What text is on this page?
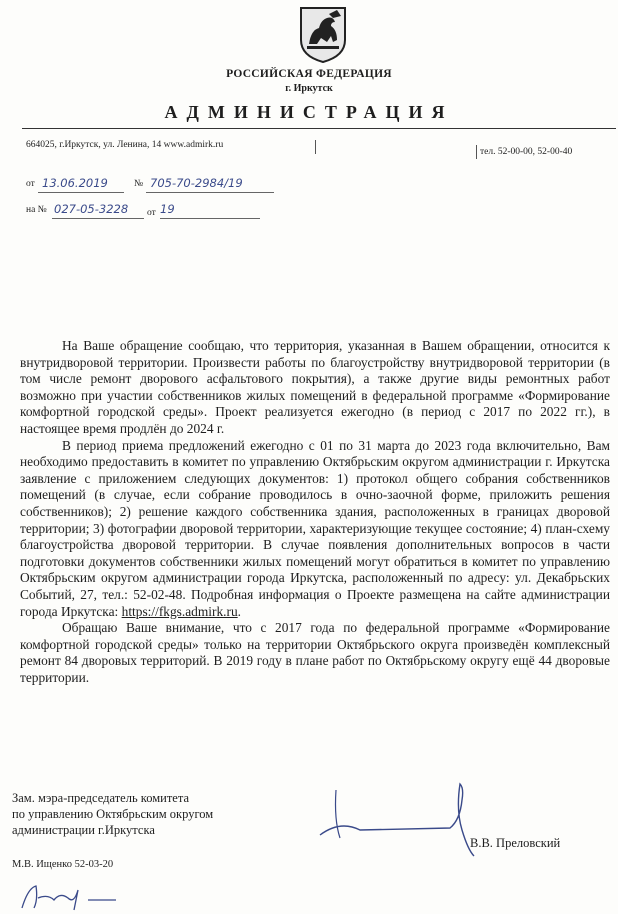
РОССИЙСКАЯ ФЕДЕРАЦИЯ
г. Иркутск
АДМИНИСТРАЦИЯ
664025, г.Иркутск, ул. Ленина, 14 www.admirk.ru
тел. 52-00-00, 52-00-40
от 13.06.2019	№ 705-70-2984/19
на № 027-05-3228 от 19

На Ваше обращение сообщаю, что территория, указанная в Вашем обращении, относится к внутридворовой территории. Произвести работы по благоустройству внутридворовой территории (в том числе ремонт дворового асфальтового покрытия), а также другие виды ремонтных работ возможно при участии собственников жилых помещений в федеральной программе «Формирование комфортной городской среды». Проект реализуется ежегодно (в период с 2017 по 2022 гг.), в настоящее время продлён до 2024 г.

В период приема предложений ежегодно с 01 по 31 марта до 2023 года включительно, Вам необходимо предоставить в комитет по управлению Октябрьским округом администрации г. Иркутска заявление с приложением следующих документов: 1) протокол общего собрания собственников помещений (в случае, если собрание проводилось в очно-заочной форме, приложить решения собственников); 2) решение каждого собственника здания, расположенных в границах дворовой территории; 3) фотографии дворовой территории, характеризующие текущее состояние; 4) план-схему благоустройства дворовой территории. В случае появления дополнительных вопросов в части подготовки документов собственники жилых помещений могут обратиться в комитет по управлению Октябрьским округом администрации города Иркутска, расположенный по адресу: ул. Декабрьских Событий, 27, тел.: 52-02-48. Подробная информация о Проекте размещена на сайте администрации города Иркутска: https://fkgs.admirk.ru.

Обращаю Ваше внимание, что с 2017 года по федеральной программе «Формирование комфортной городской среды» только на территории Октябрьского округа произведён комплексный ремонт 84 дворовых территорий. В 2019 году в плане работ по Октябрьскому округу ещё 44 дворовые территории.

Зам. мэра-председатель комитета
по управлению Октябрьским округом
администрации г.Иркутска
В.В. Преловский
М.В. Ищенко 52-03-20
